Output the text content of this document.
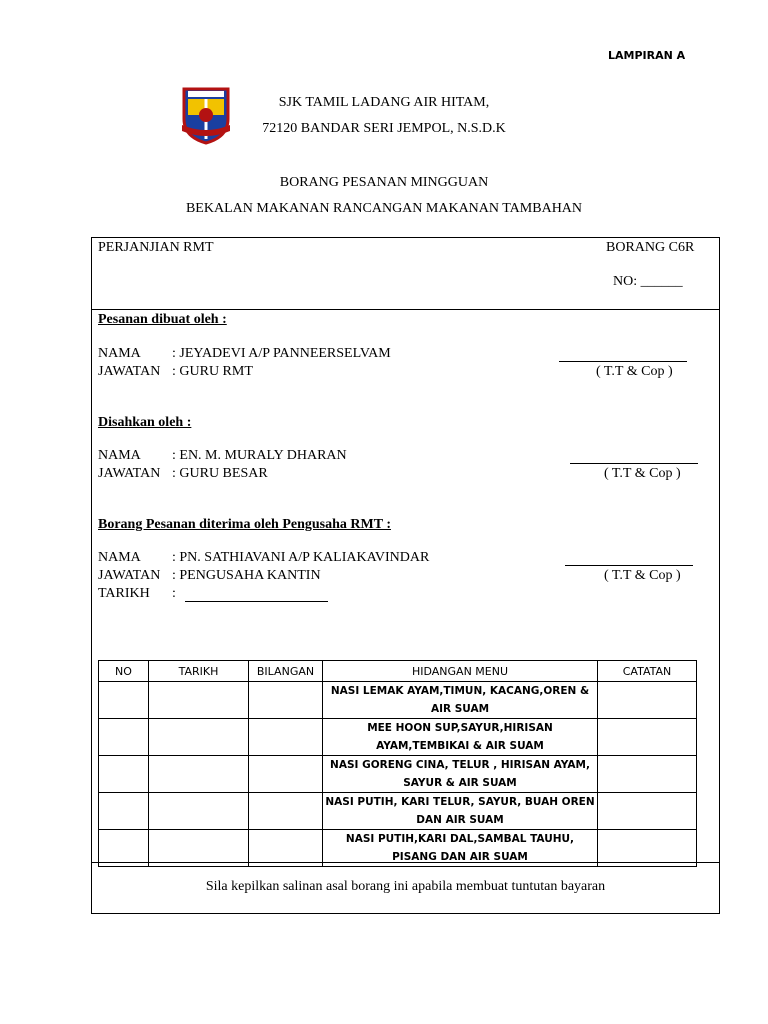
LAMPIRAN A
SJK TAMIL LADANG AIR HITAM,
72120 BANDAR SERI JEMPOL, N.S.D.K
BORANG PESANAN MINGGUAN
BEKALAN MAKANAN RANCANGAN MAKANAN TAMBAHAN
PERJANJIAN RMT	BORANG C6R
NO: ______
Pesanan dibuat oleh :
NAMA : JEYADEVI A/P PANNEERSELVAM
JAWATAN : GURU RMT	( T.T & Cop )
Disahkan oleh :
NAMA : EN. M. MURALY DHARAN
JAWATAN : GURU BESAR	( T.T & Cop )
Borang Pesanan diterima oleh Pengusaha RMT :
NAMA : PN. SATHIAVANI A/P KALIAKAVINDAR
JAWATAN : PENGUSAHA KANTIN
TARIKH :
( T.T & Cop )
NO	TARIKH	BILANGAN	HIDANGAN MENU	CATATAN

			NASI LEMAK AYAM,TIMUN, KACANG,OREN &
AIR SUAM	

			MEE HOON SUP,SAYUR,HIRISAN
AYAM,TEMBIKAI & AIR SUAM	

			NASI GORENG CINA, TELUR , HIRISAN AYAM,
SAYUR & AIR SUAM	

			NASI PUTIH, KARI TELUR, SAYUR, BUAH OREN
DAN AIR SUAM	

			NASI PUTIH,KARI DAL,SAMBAL TAUHU,
PISANG DAN AIR SUAM	

Sila kepilkan salinan asal borang ini apabila membuat tuntutan bayaran
